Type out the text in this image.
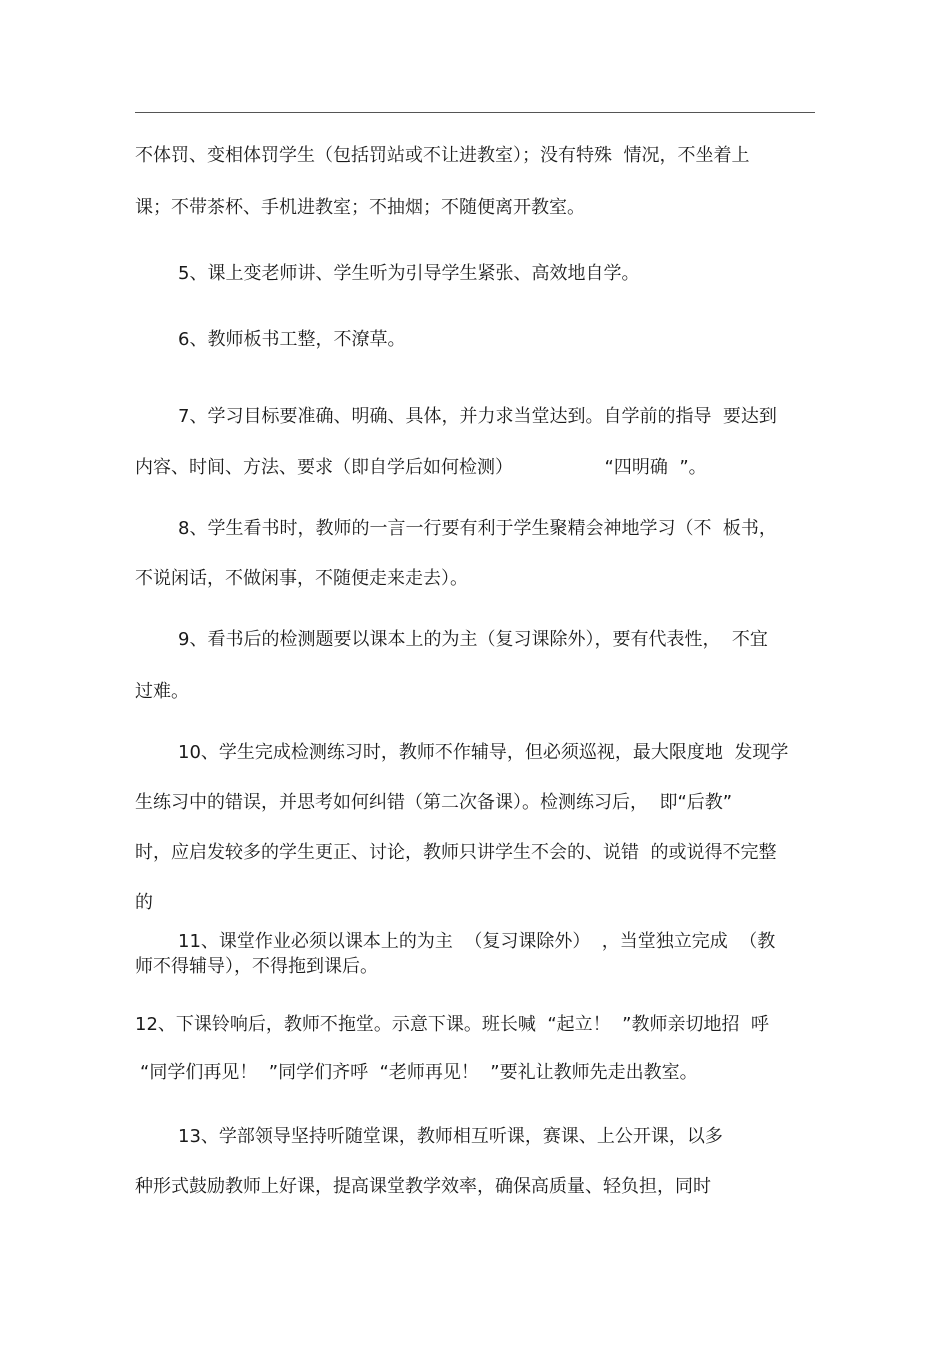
不体罚、变相体罚学生（包括罚站或不让进教室）；没有特殊  情况，不坐着上
课；不带茶杯、手机进教室；不抽烟；不随便离开教室。
5、课上变老师讲、学生听为引导学生紧张、高效地自学。
6、教师板书工整，不潦草。
7、学习目标要准确、明确、具体，并力求当堂达到。自学前的指导  要达到
内容、时间、方法、要求（即自学后如何检测）                “四明确  ”。
8、学生看书时，教师的一言一行要有利于学生聚精会神地学习（不  板书，
不说闲话，不做闲事，不随便走来走去）。
9、看书后的检测题要以课本上的为主（复习课除外），要有代表性，  不宜
过难。
10、学生完成检测练习时，教师不作辅导，但必须巡视，最大限度地  发现学
生练习中的错误，并思考如何纠错（第二次备课）。检测练习后，  即“后教”
时，应启发较多的学生更正、讨论，教师只讲学生不会的、说错  的或说得不完整
的
11、课堂作业必须以课本上的为主  （复习课除外）  ，当堂独立完成  （教
师不得辅导），不得拖到课后。
12、下课铃响后，教师不拖堂。示意下课。班长喊  “起立！  ”教师亲切地招  呼
“同学们再见！  ”同学们齐呼  “老师再见！  ”要礼让教师先走出教室。
13、学部领导坚持听随堂课，教师相互听课，赛课、上公开课，以多
种形式鼓励教师上好课，提高课堂教学效率，确保高质量、轻负担，同时
